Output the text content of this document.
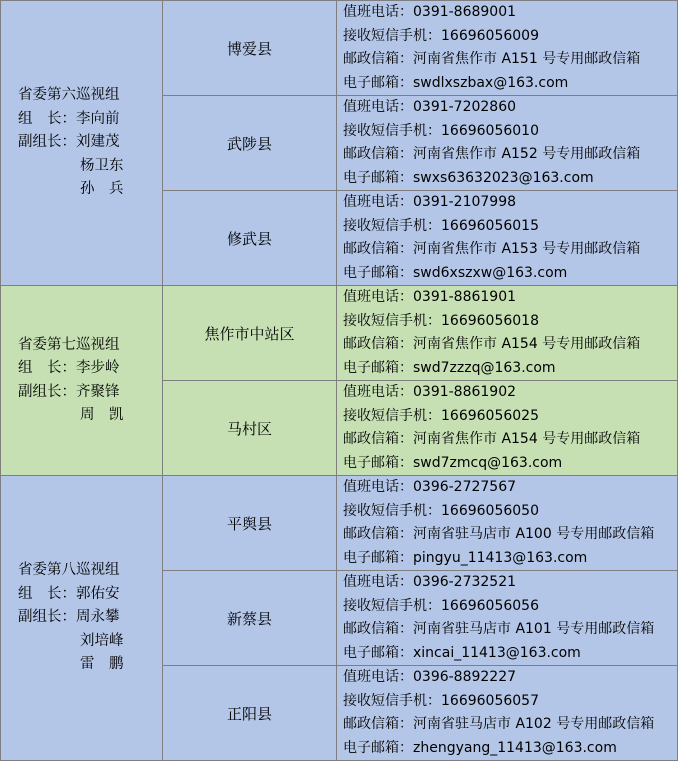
省委第六巡视组
组　长：李向前
副组长：刘建茂
杨卫东
孙　兵	博爱县	值班电话：0391-8689001
接收短信手机：16696056009
邮政信箱：河南省焦作市 A151 号专用邮政信箱
电子邮箱：swdlxszbax@163.com

	武陟县	值班电话：0391-7202860
接收短信手机：16696056010
邮政信箱：河南省焦作市 A152 号专用邮政信箱
电子邮箱：swxs63632023@163.com

	修武县	值班电话：0391-2107998
接收短信手机：16696056015
邮政信箱：河南省焦作市 A153 号专用邮政信箱
电子邮箱：swd6xszxw@163.com

省委第七巡视组
组　长：李步岭
副组长：齐聚锋
周　凯	焦作市中站区	值班电话：0391-8861901
接收短信手机：16696056018
邮政信箱：河南省焦作市 A154 号专用邮政信箱
电子邮箱：swd7zzzq@163.com

	马村区	值班电话：0391-8861902
接收短信手机：16696056025
邮政信箱：河南省焦作市 A154 号专用邮政信箱
电子邮箱：swd7zmcq@163.com

省委第八巡视组
组　长：郭佑安
副组长：周永攀
刘培峰
雷　鹏	平舆县	值班电话：0396-2727567
接收短信手机：16696056050
邮政信箱：河南省驻马店市 A100 号专用邮政信箱
电子邮箱：pingyu_11413@163.com

	新蔡县	值班电话：0396-2732521
接收短信手机：16696056056
邮政信箱：河南省驻马店市 A101 号专用邮政信箱
电子邮箱：xincai_11413@163.com

	正阳县	值班电话：0396-8892227
接收短信手机：16696056057
邮政信箱：河南省驻马店市 A102 号专用邮政信箱
电子邮箱：zhengyang_11413@163.com
